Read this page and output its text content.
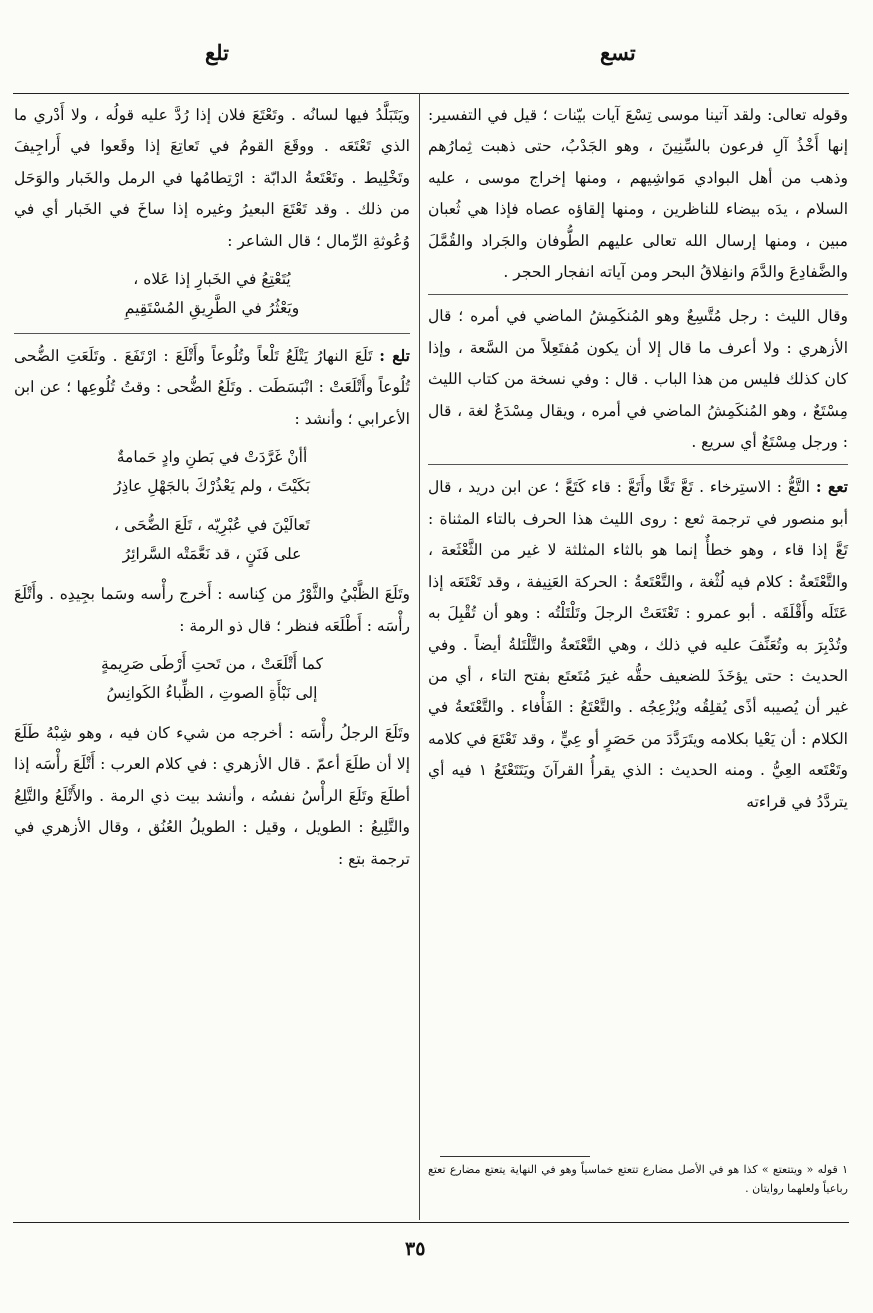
تسع
تلع

وقوله تعالى: ولقد آتينا موسى تِسْعَ آيات بيّنات ؛ قيل في التفسير: إنها أَخْذُ آلِ فرعون بالسِّنِينَ ، وهو الجَدْبُ، حتى ذهبت ثِمارُهم وذهب من أهل البوادي مَواشِيهم ، ومنها إخراج موسى ، عليه السلام ، يدَه بيضاء للناظرين ، ومنها إلقاؤه عصاه فإذا هي ثُعبان مبين ، ومنها إرسال الله تعالى عليهم الطُّوفان والجَراد والقُمَّلَ والضَّفادِعَ والدَّمَ وانفِلاقُ البحر ومن آياته انفجار الحجر .

وقال الليث : رجل مُتَّسِعٌ وهو المُنكَمِشُ الماضي في أمره ؛ قال الأزهري : ولا أعرف ما قال إلا أن يكون مُفتَعِلاً من السَّعة ، وإذا كان كذلك فليس من هذا الباب . قال : وفي نسخة من كتاب الليث مِسْتَعٌ ، وهو المُنكَمِشُ الماضي في أمره ، ويقال مِسْدَعٌ لغة ، قال : ورجل مِسْتَعٌ أي سريع .

تعع : التَّعُّ : الاستِرخاء . تَعَّ تَعًّا وأَتَعَّ : قاء كَتَعَّ ؛ عن ابن دريد ، قال أبو منصور في ترجمة ثعع : روى الليث هذا الحرف بالتاء المثناة : تَعَّ إذا قاء ، وهو خطأٌ إنما هو بالثاء المثلثة لا غير من الثَّعْثَعة ، والتَّعْتَعةُ : كلام فيه لُثْغة ، والتَّعْتَعةُ : الحركة العَنِيفة ، وقد تَعْتَعَه إذا عَتَلَه وأَقْلَقَه . أبو عمرو : تَعْتَعَتْ الرجلَ وتَلْتَلْتُه : وهو أن تُقْبِلَ به وتُدْبِرَ به وتُعَنِّفَ عليه في ذلك ، وهي التَّعْتَعةُ والتَّلْتَلةُ أيضاً . وفي الحديث : حتى يؤخَذَ للضعيف حقُّه غيرَ مُتَعتَع بفتح التاء ، أي من غير أن يُصيبه أذًى يُقلِقُه ويُزْعِجُه . والتَّعْتَعُ : الفَأْفاء . والتَّعْتَعةُ في الكلام : أن يَعْيا بكلامه ويتَرَدَّدَ من حَصَرٍ أو عِيٍّ ، وقد تَعْتَعَ في كلامه وتَعْتَعه العِيُّ . ومنه الحديث : الذي يقرأُ القرآنَ ويَتَتَعْتَعُ ١ فيه أي يتردَّدُ في قراءته

ويَتَبَلَّدُ فيها لسانُه . وتَعْتَعَ فلان إذا رُدَّ عليه قولُه ، ولا أَدْري ما الذي تَعْتَعَه . ووقَعَ القومُ في تَعاتِعَ إذا وقَعوا في أَراجِيفَ وتَخْلِيط . وتَعْتَعةُ الدابّة : ارْتِطامُها في الرمل والخَبار والوَحَل من ذلك . وقد تَعْتَعَ البعيرُ وغيره إذا ساخَ في الخَبار أي في وُعُوثةِ الرِّمال ؛ قال الشاعر :

يُتَعْتِعُ في الخَبارِ إذا عَلاه ،
ويَعْثُرُ في الطَّرِيقِ المُسْتَقِيمِ

تلع : تَلَعَ النهارُ يَتْلَعُ تَلْعاً وتُلُوعاً وأَتْلَعَ : ارْتَفَعَ . وتَلَعَتِ الضُّحى تُلُوعاً وأَتْلَعَتْ : انْبَسَطَت . وتَلَعُ الضُّحى : وقتُ تُلُوعِها ؛ عن ابن الأعرابي ؛ وأنشد :

أأنْ غَرَّدَتْ في بَطنِ وادٍ حَمامةٌ
بَكَيْتَ ، ولم يَعْذُرْكَ بالجَهْلِ عاذِرُ
تَعالَيْنَ في عُبْرِيّه ، تَلَعَ الضُّحَى ،
على فَنَنٍ ، قد نَعَّمَتْه السَّرائِرُ

وتَلَعَ الظَّبْيُ والثَّوْرُ من كِناسه : أَخرج رأْسه وسَما بجِيدِه . وأَتْلَعَ رأْسَه : أَطْلَعَه فنظر ؛ قال ذو الرمة :

كما أَتْلَعَتْ ، من تَحتِ أَرْطَى صَرِيمةٍ
إلى نَبْأَةِ الصوتِ ، الظِّباءُ الكَوانِسُ

وتَلَعَ الرجلُ رأْسَه : أخرجه من شيء كان فيه ، وهو شِبْهُ طَلَعَ إلا أن طلَعَ أعمّ . قال الأزهري : في كلام العرب : أَتْلَعَ رأْسَه إذا أطلَعَ وتَلَعَ الرأْسُ نفسُه ، وأنشد بيت ذي الرمة . والأَتْلَعُ والتَّلِعُ والتَّلِيعُ : الطويل ، وقيل : الطويلُ العُنُق ، وقال الأزهري في ترجمة بتع :

١ قوله « ويتتعتع » كذا هو في الأصل مضارع تتعتع خماسياً وهو في النهاية يتعتع مضارع تعتع رباعياً ولعلهما روايتان .
٣٥
